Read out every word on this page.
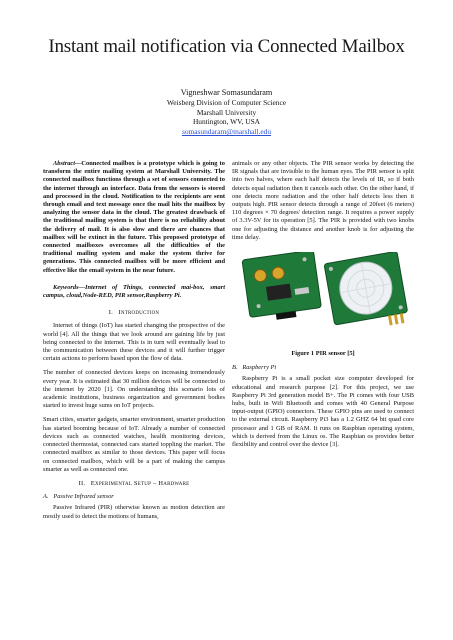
Instant mail notification via Connected Mailbox
Vigneshwar Somasundaram
Weisberg Division of Computer Science
Marshall University
Huntington, WV, USA
somasundaram@marshall.edu

Abstract—Connected mailbox is a prototype which is going to transform the entire mailing system at Marshall University. The connected mailbox functions through a set of sensors connected to the internet through an interface. Data from the sensors is stored and processed in the cloud. Notification to the recipients are sent through email and text message once the mail hits the mailbox by analyzing the sensor data in the cloud. The greatest drawback of the traditional mailing system is that there is no reliability about the delivery of mail. It is also slow and there are chances that mailbox will be extinct in the future. This proposed prototype of connected mailboxes overcomes all the difficulties of the traditional mailing system and make the system thrive for generations. This connected mailbox will be more efficient and effective like the email system in the near future.

Keywords—Internet of Things, connected mai-box, smart campus, cloud,Node-RED, PIR sensor,Raspberry Pi.

I. Introduction

Internet of things (IoT) has started changing the prospective of the world [4]. All the things that we look around are gaining life by just being connected to the internet. This is in turn will eventually lead to the communication between these devices and it will further trigger certain actions to perform based upon the flow of data.

The number of connected devices keeps on increasing tremendously every year. It is estimated that 30 million devices will be connected to the internet by 2020 [1]. On understanding this scenario lots of academic institutions, business organization and government bodies started to invest huge sums on IoT projects.

Smart cities, smarter gadgets, smarter environment, smarter production has started booming because of IoT. Already a number of connected devices such as connected watches, health monitoring devices, connected thermostat, connected cars started toppling the market. The connected mailbox as similar to those devices. This paper will focus on connected mailbox, which will be a part of making the campus smarter as well as connected one.

II. Experimental Setup – Hardware
A. Passive Infrared sensor

Passive Infrared (PIR) otherwise known as motion detection are mostly used to detect the motions of humans,

animals or any other objects. The PIR sensor works by detecting the IR signals that are invisible to the human eyes. The PIR sensor is split into two halves, where each half detects the levels of IR, so if both detects equal radiation then it cancels each other. On the other hand, if one detects more radiation and the other half detects less then it outputs high. PIR sensor detects through a range of 20feet (6 meters) 110 degrees × 70 degrees' detection range. It requires a power supply of 3.3V-5V for its operation [5]. The PIR is provided with two knobs one for adjusting the distance and another knob is for adjusting the time delay.

Figure 1 PIR sensor [5]
B. Raspberry Pi

Raspberry Pi is a small pocket size computer developed for educational and research purpose [2]. For this project, we use Raspberry Pi 3rd generation model B+. The Pi comes with four USB hubs, built in Wifi Bluetooth and comes with 40 General Purpose input-output (GPIO) connectors. These GPIO pins are used to connect to the external circuit. Raspberry Pi3 has a 1.2 GHZ 64 bit quad core processor and 1 GB of RAM. It runs on Raspbian operating system, which is derived from the Linux os. The Raspbian os provides better flexibility and control over the device [3].
